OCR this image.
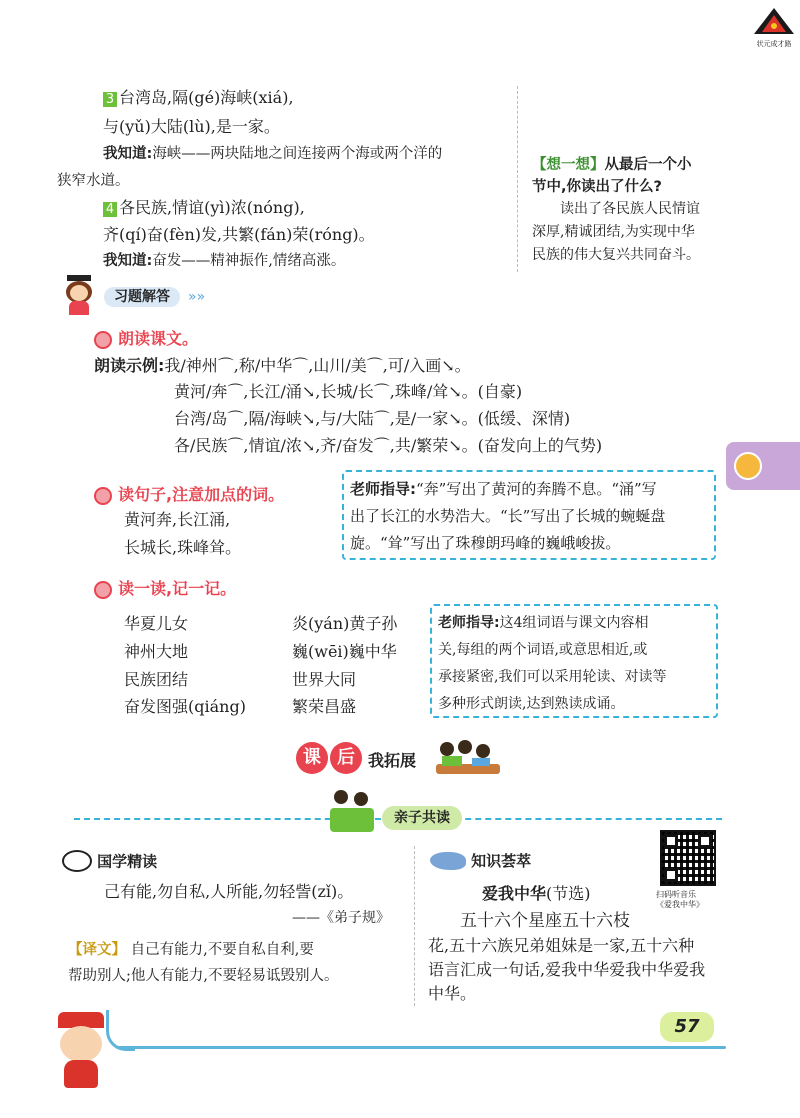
状元成才路
3 台湾岛,隔(gé)海峡(xiá),
与(yǔ)大陆(lù),是一家。
我知道:海峡——两块陆地之间连接两个海或两个洋的
狭窄水道。
4 各民族,情谊(yì)浓(nóng),
齐(qí)奋(fèn)发,共繁(fán)荣(róng)。
我知道:奋发——精神振作,情绪高涨。
【想一想】从最后一个小
节中,你读出了什么?
读出了各民族人民情谊
深厚,精诚团结,为实现中华
民族的伟大复兴共同奋斗。
习题解答	»»
朗读课文。
朗读示例:我/神州⌒,称/中华⌒,山川/美⌒,可/入画↘。
黄河/奔⌒,长江/涌↘,长城/长⌒,珠峰/耸↘。(自豪)
台湾/岛⌒,隔/海峡↘,与/大陆⌒,是/一家↘。(低缓、深情)
各/民族⌒,情谊/浓↘,齐/奋发⌒,共/繁荣↘。(奋发向上的气势)
读句子,注意加点的词。
黄河奔,长江涌,
长城长,珠峰耸。
老师指导:“奔”写出了黄河的奔腾不息。“涌”写
出了长江的水势浩大。“长”写出了长城的蜿蜒盘
旋。“耸”写出了珠穆朗玛峰的巍峨峻拔。
读一读,记一记。
华夏儿女
神州大地
民族团结
奋发图强(qiáng)
炎(yán)黄子孙
巍(wēi)巍中华
世界大同
繁荣昌盛
老师指导:这4组词语与课文内容相
关,每组的两个词语,或意思相近,或
承接紧密,我们可以采用轮读、对读等
多种形式朗读,达到熟读成诵。
课 后 我拓展
亲子共读
国学精读
己有能,勿自私,人所能,勿轻訾(zǐ)。
——《弟子规》
【译文】 自己有能力,不要自私自利,要
帮助别人;他人有能力,不要轻易诋毁别人。
知识荟萃
扫码听音乐
《爱我中华》
爱我中华(节选)
五十六个星座五十六枝
花,五十六族兄弟姐妹是一家,五十六种
语言汇成一句话,爱我中华爱我中华爱我
中华。
57
